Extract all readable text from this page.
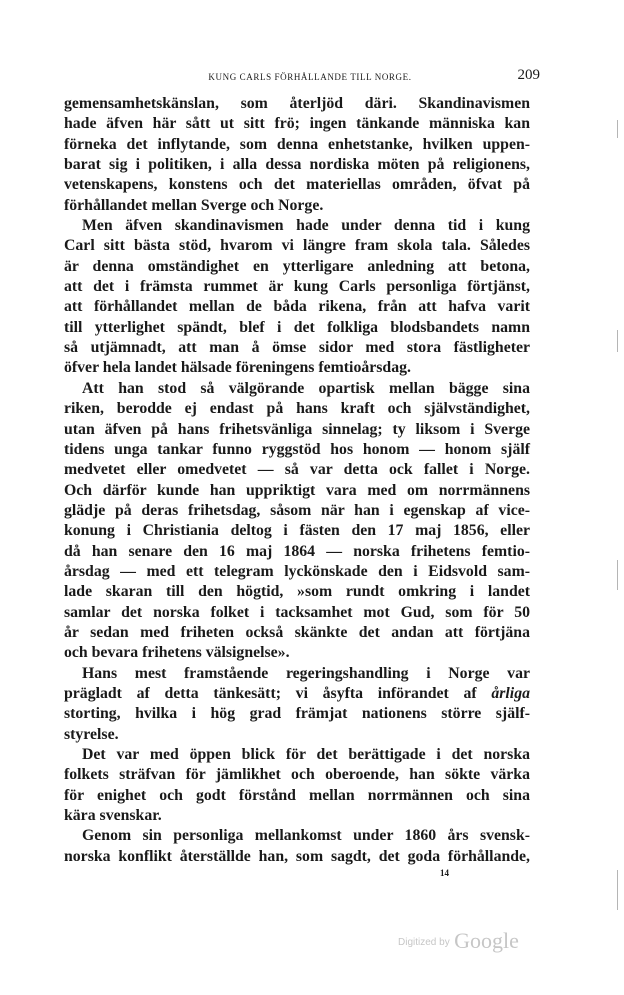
KUNG CARLS FÖRHÅLLANDE TILL NORGE.	209
gemensamhetskänslan, som återljöd däri. Skandinavismen
hade äfven här sått ut sitt frö; ingen tänkande människa kan
förneka det inflytande, som denna enhetstanke, hvilken uppen-
barat sig i politiken, i alla dessa nordiska möten på religionens,
vetenskapens, konstens och det materiellas områden, öfvat på
förhållandet mellan Sverge och Norge.
Men äfven skandinavismen hade under denna tid i kung
Carl sitt bästa stöd, hvarom vi längre fram skola tala. Således
är denna omständighet en ytterligare anledning att betona,
att det i främsta rummet är kung Carls personliga förtjänst,
att förhållandet mellan de båda rikena, från att hafva varit
till ytterlighet spändt, blef i det folkliga blodsbandets namn
så utjämnadt, att man å ömse sidor med stora fästligheter
öfver hela landet hälsade föreningens femtioårsdag.
Att han stod så välgörande opartisk mellan bägge sina
riken, berodde ej endast på hans kraft och självständighet,
utan äfven på hans frihetsvänliga sinnelag; ty liksom i Sverge
tidens unga tankar funno ryggstöd hos honom — honom själf
medvetet eller omedvetet — så var detta ock fallet i Norge.
Och därför kunde han uppriktigt vara med om norrmännens
glädje på deras frihetsdag, såsom när han i egenskap af vice-
konung i Christiania deltog i fästen den 17 maj 1856, eller
då han senare den 16 maj 1864 — norska frihetens femtio-
årsdag — med ett telegram lyckönskade den i Eidsvold sam-
lade skaran till den högtid, »som rundt omkring i landet
samlar det norska folket i tacksamhet mot Gud, som för 50
år sedan med friheten också skänkte det andan att förtjäna
och bevara frihetens välsignelse».
Hans mest framstående regeringshandling i Norge var
prägladt af detta tänkesätt; vi åsyfta införandet af årliga
storting, hvilka i hög grad främjat nationens större själf-
styrelse.
Det var med öppen blick för det berättigade i det norska
folkets sträfvan för jämlikhet och oberoende, han sökte värka
för enighet och godt förstånd mellan norrmännen och sina
kära svenskar.
Genom sin personliga mellankomst under 1860 års svensk-
norska konflikt återställde han, som sagdt, det goda förhållande,
14
Digitized by Google
